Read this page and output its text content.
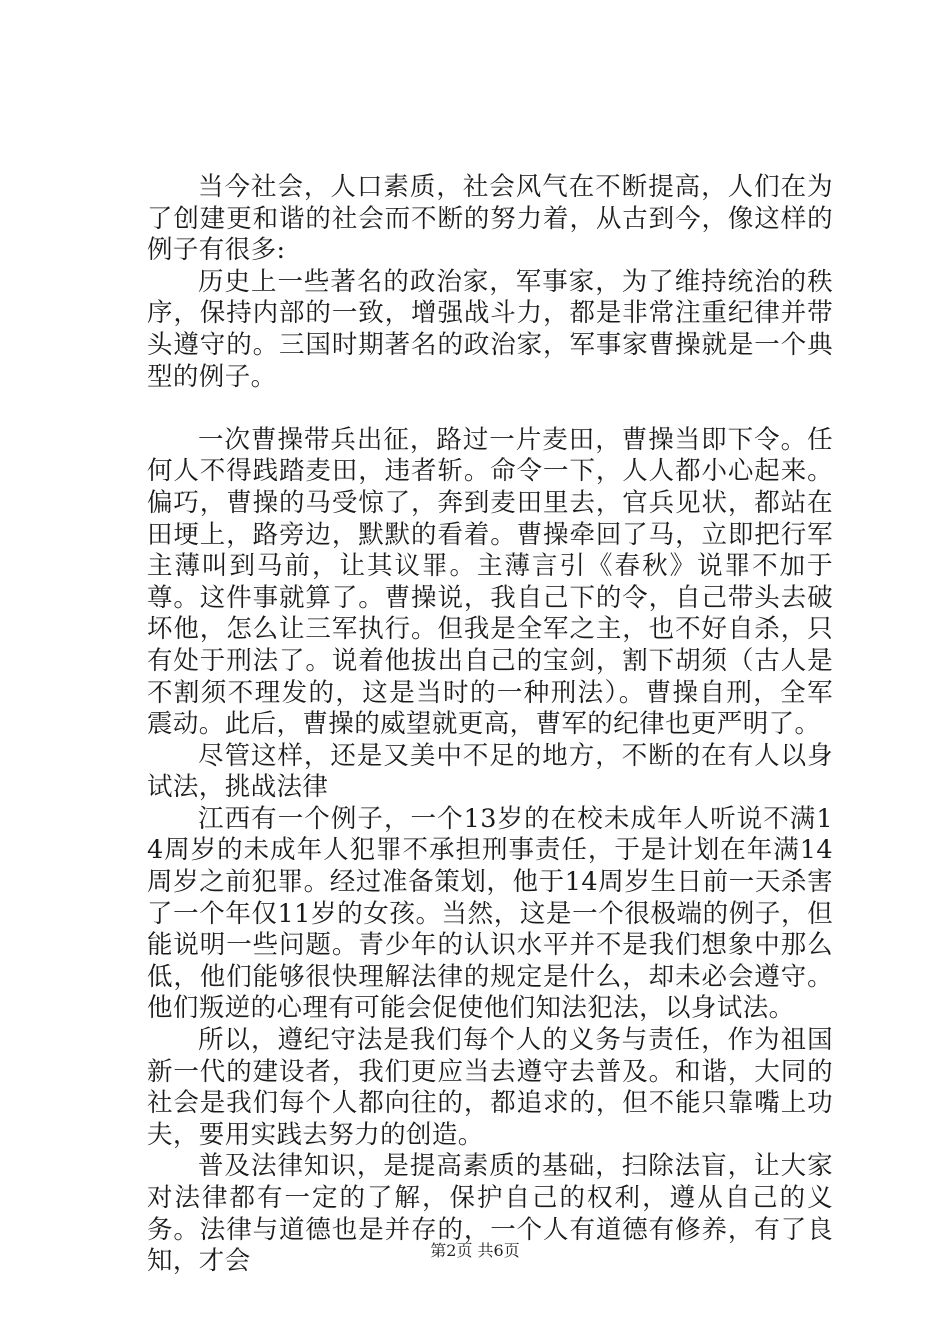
当今社会，人口素质，社会风气在不断提高，人们在为了创建更和谐的社会而不断的努力着，从古到今，像这样的例子有很多:

历史上一些著名的政治家，军事家，为了维持统治的秩序，保持内部的一致，增强战斗力，都是非常注重纪律并带头遵守的。三国时期著名的政治家，军事家曹操就是一个典型的例子。

一次曹操带兵出征，路过一片麦田，曹操当即下令。任何人不得践踏麦田，违者斩。命令一下，人人都小心起来。偏巧，曹操的马受惊了，奔到麦田里去，官兵见状，都站在田埂上，路旁边，默默的看着。曹操牵回了马，立即把行军主薄叫到马前，让其议罪。主薄言引《春秋》说罪不加于尊。这件事就算了。曹操说，我自己下的令，自己带头去破坏他，怎么让三军执行。但我是全军之主，也不好自杀，只有处于刑法了。说着他拔出自己的宝剑，割下胡须（古人是不割须不理发的，这是当时的一种刑法）。曹操自刑，全军震动。此后，曹操的威望就更高，曹军的纪律也更严明了。

尽管这样，还是又美中不足的地方，不断的在有人以身试法，挑战法律

江西有一个例子，一个13岁的在校未成年人听说不满14周岁的未成年人犯罪不承担刑事责任，于是计划在年满14周岁之前犯罪。经过准备策划，他于14周岁生日前一天杀害了一个年仅11岁的女孩。当然，这是一个很极端的例子，但能说明一些问题。青少年的认识水平并不是我们想象中那么低，他们能够很快理解法律的规定是什么，却未必会遵守。他们叛逆的心理有可能会促使他们知法犯法，以身试法。

所以，遵纪守法是我们每个人的义务与责任，作为祖国新一代的建设者，我们更应当去遵守去普及。和谐，大同的社会是我们每个人都向往的，都追求的，但不能只靠嘴上功夫，要用实践去努力的创造。

普及法律知识，是提高素质的基础，扫除法盲，让大家对法律都有一定的了解，保护自己的权利，遵从自己的义务。法律与道德也是并存的，一个人有道德有修养，有了良知，才会	第2页 共6页
